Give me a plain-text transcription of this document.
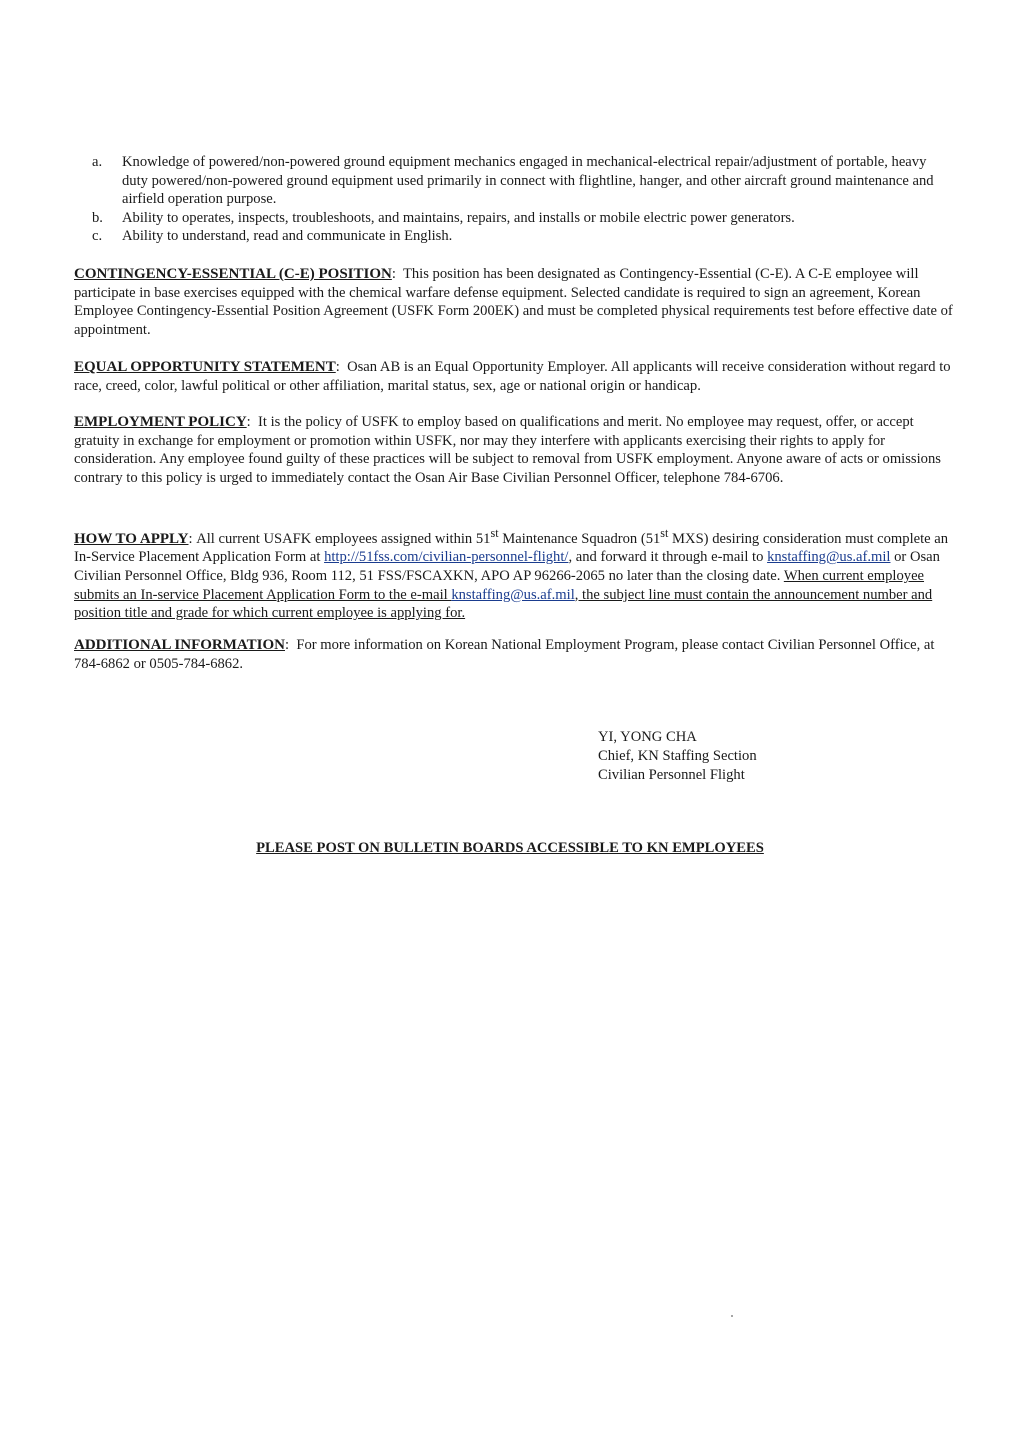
a. Knowledge of powered/non-powered ground equipment mechanics engaged in mechanical-electrical repair/adjustment of portable, heavy duty powered/non-powered ground equipment used primarily in connect with flightline, hanger, and other aircraft ground maintenance and airfield operation purpose.
b. Ability to operates, inspects, troubleshoots, and maintains, repairs, and installs or mobile electric power generators.
c. Ability to understand, read and communicate in English.
CONTINGENCY-ESSENTIAL (C-E) POSITION:  This position has been designated as Contingency-Essential (C-E). A C-E employee will participate in base exercises equipped with the chemical warfare defense equipment. Selected candidate is required to sign an agreement, Korean Employee Contingency-Essential Position Agreement (USFK Form 200EK) and must be completed physical requirements test before effective date of appointment.
EQUAL OPPORTUNITY STATEMENT:  Osan AB is an Equal Opportunity Employer. All applicants will receive consideration without regard to race, creed, color, lawful political or other affiliation, marital status, sex, age or national origin or handicap.
EMPLOYMENT POLICY:  It is the policy of USFK to employ based on qualifications and merit. No employee may request, offer, or accept gratuity in exchange for employment or promotion within USFK, nor may they interfere with applicants exercising their rights to apply for consideration. Any employee found guilty of these practices will be subject to removal from USFK employment. Anyone aware of acts or omissions contrary to this policy is urged to immediately contact the Osan Air Base Civilian Personnel Officer, telephone 784-6706.
HOW TO APPLY: All current USAFK employees assigned within 51st Maintenance Squadron (51st MXS) desiring consideration must complete an In-Service Placement Application Form at http://51fss.com/civilian-personnel-flight/, and forward it through e-mail to knstaffing@us.af.mil or Osan Civilian Personnel Office, Bldg 936, Room 112, 51 FSS/FSCAXKN, APO AP 96266-2065 no later than the closing date. When current employee submits an In-service Placement Application Form to the e-mail knstaffing@us.af.mil, the subject line must contain the announcement number and position title and grade for which current employee is applying for.
ADDITIONAL INFORMATION:  For more information on Korean National Employment Program, please contact Civilian Personnel Office, at 784-6862 or 0505-784-6862.
YI, YONG CHA
Chief, KN Staffing Section
Civilian Personnel Flight
PLEASE POST ON BULLETIN BOARDS ACCESSIBLE TO KN EMPLOYEES
